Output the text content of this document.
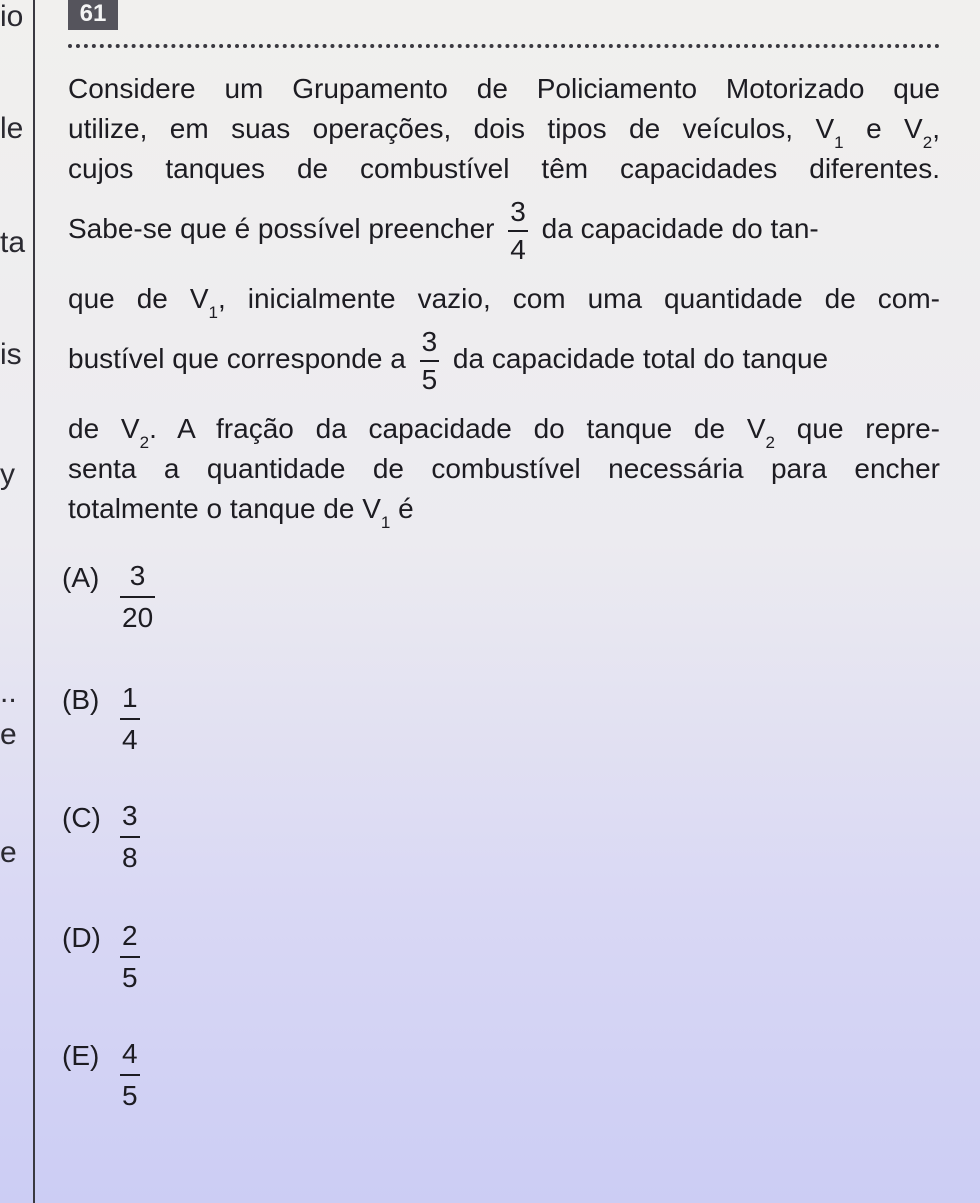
io
le
ta
is
y
..
e
e
61
Considere um Grupamento de Policiamento Motorizado que
utilize, em suas operações, dois tipos de veículos, $V_1$ e $V_2$,
cujos tanques de combustível têm capacidades diferentes.
Sabe-se que é possível preencher $\frac{3}{4}$ da capacidade do tan-
que de $V_1$, inicialmente vazio, com uma quantidade de com-
bustível que corresponde a $\frac{3}{5}$ da capacidade total do tanque
de $V_2$. A fração da capacidade do tanque de $V_2$ que repre-
senta a quantidade de combustível necessária para encher
totalmente o tanque de $V_1$ é
(A)	3
20
(B) 1
4
(C) 3
8
(D) 2
5
(E) 4
5
